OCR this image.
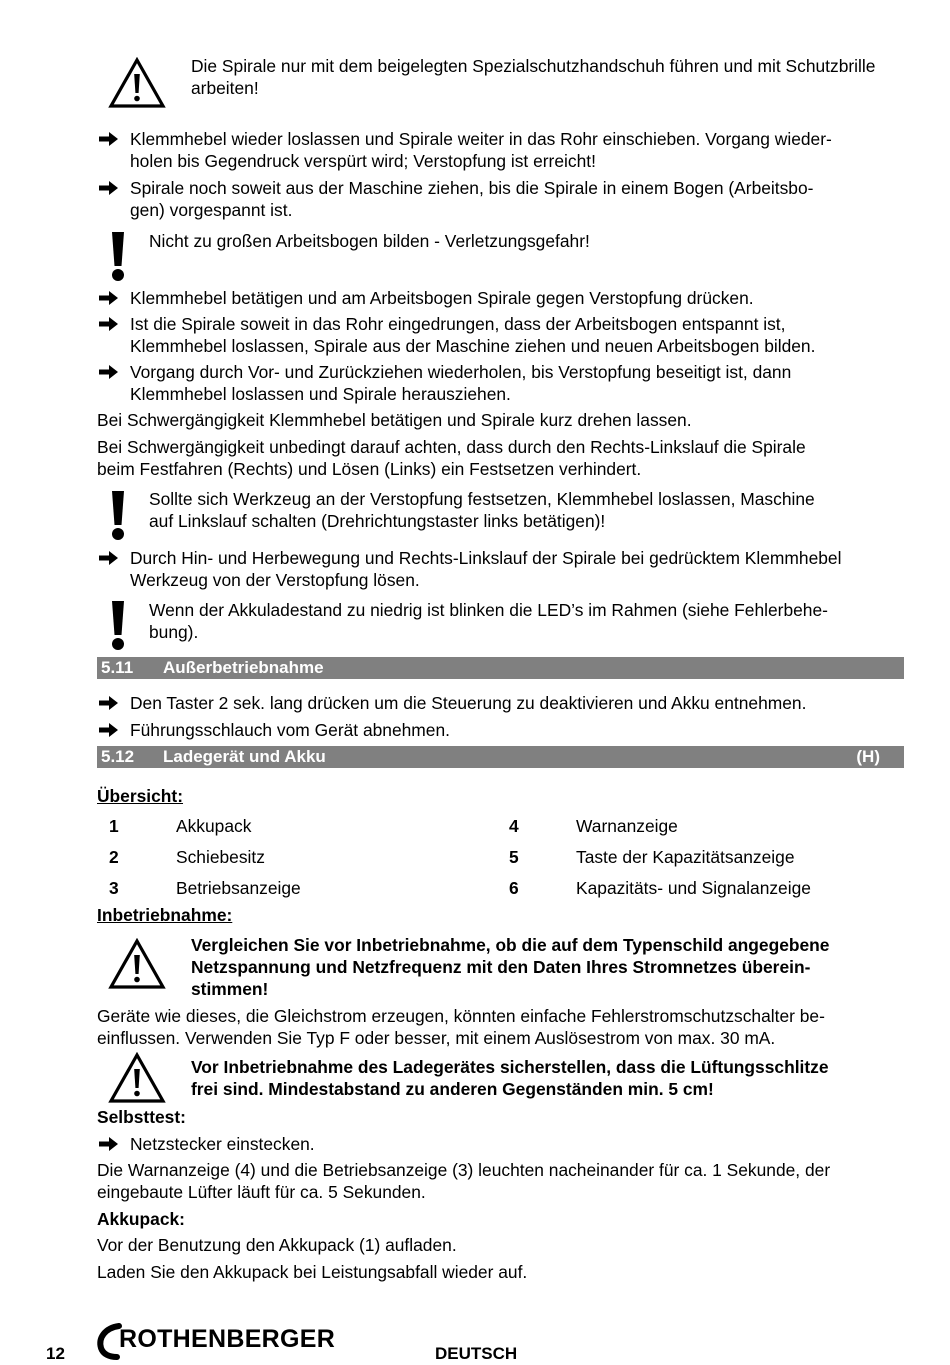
Die Spirale nur mit dem beigelegten Spezialschutzhandschuh führen und mit Schutzbrille arbeiten!
Klemmhebel wieder loslassen und Spirale weiter in das Rohr einschieben. Vorgang wieder-
holen bis Gegendruck verspürt wird; Verstopfung ist erreicht!
Spirale noch soweit aus der Maschine ziehen, bis die Spirale in einem Bogen (Arbeitsbo-
gen) vorgespannt ist.
Nicht zu großen Arbeitsbogen bilden - Verletzungsgefahr!
Klemmhebel betätigen und am Arbeitsbogen Spirale gegen Verstopfung drücken.
Ist die Spirale soweit in das Rohr eingedrungen, dass der Arbeitsbogen entspannt ist,
Klemmhebel loslassen, Spirale aus der Maschine ziehen und neuen Arbeitsbogen bilden.
Vorgang durch Vor- und Zurückziehen wiederholen, bis Verstopfung beseitigt ist, dann
Klemmhebel loslassen und Spirale herausziehen.
Bei Schwergängigkeit Klemmhebel betätigen und Spirale kurz drehen lassen.
Bei Schwergängigkeit unbedingt darauf achten, dass durch den Rechts-Linkslauf die Spirale
beim Festfahren (Rechts) und Lösen (Links) ein Festsetzen verhindert.
Sollte sich Werkzeug an der Verstopfung festsetzen, Klemmhebel loslassen, Maschine
auf Linkslauf schalten (Drehrichtungstaster links betätigen)!
Durch Hin- und Herbewegung und Rechts-Linkslauf der Spirale bei gedrücktem Klemmhebel
Werkzeug von der Verstopfung lösen.
Wenn der Akkuladestand zu niedrig ist blinken die LED’s im Rahmen (siehe Fehlerbehe-
bung).
5.11 Außerbetriebnahme
Den Taster 2 sek. lang drücken um die Steuerung zu deaktivieren und Akku entnehmen.
Führungsschlauch vom Gerät abnehmen.
5.12 Ladegerät und Akku	(H)
Übersicht:
1	Akkupack
2	Schiebesitz
3	Betriebsanzeige
4	Warnanzeige
5	Taste der Kapazitätsanzeige
6	Kapazitäts- und Signalanzeige
Inbetriebnahme:
Vergleichen Sie vor Inbetriebnahme, ob die auf dem Typenschild angegebene
Netzspannung und Netzfrequenz mit den Daten Ihres Stromnetzes überein-
stimmen!
Geräte wie dieses, die Gleichstrom erzeugen, könnten einfache Fehlerstromschutzschalter be-
einflussen. Verwenden Sie Typ F oder besser, mit einem Auslösestrom von max. 30 mA.
Vor Inbetriebnahme des Ladegerätes sicherstellen, dass die Lüftungsschlitze
frei sind. Mindestabstand zu anderen Gegenständen min. 5 cm!
Selbsttest:
Netzstecker einstecken.
Die Warnanzeige (4) und die Betriebsanzeige (3) leuchten nacheinander für ca. 1 Sekunde, der
eingebaute Lüfter läuft für ca. 5 Sekunden.
Akkupack:
Vor der Benutzung den Akkupack (1) aufladen.
Laden Sie den Akkupack bei Leistungsabfall wieder auf.
12
ROTHENBERGER
DEUTSCH
